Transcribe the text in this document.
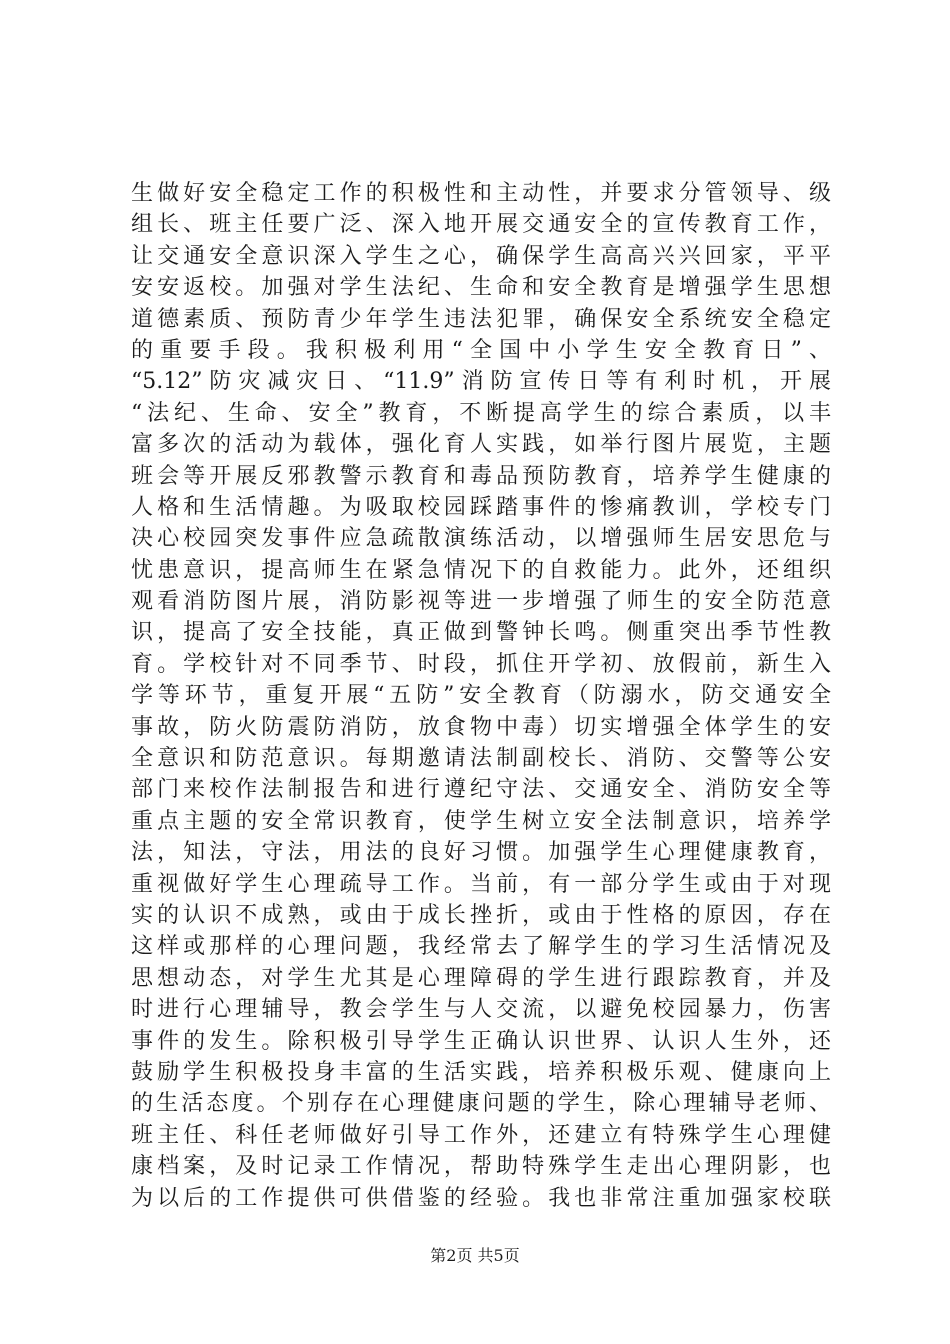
生做好安全稳定工作的积极性和主动性，并要求分管领导、级
组长、班主任要广泛、深入地开展交通安全的宣传教育工作，
让交通安全意识深入学生之心，确保学生高高兴兴回家，平平
安安返校。加强对学生法纪、生命和安全教育是增强学生思想
道德素质、预防青少年学生违法犯罪，确保安全系统安全稳定
的重要手段。我积极利用“全国中小学生安全教育日”、
“5.12”防灾减灾日、“11.9”消防宣传日等有利时机，开展
“法纪、生命、安全”教育，不断提高学生的综合素质，以丰
富多次的活动为载体，强化育人实践，如举行图片展览，主题
班会等开展反邪教警示教育和毒品预防教育，培养学生健康的
人格和生活情趣。为吸取校园踩踏事件的惨痛教训，学校专门
决心校园突发事件应急疏散演练活动，以增强师生居安思危与
忧患意识，提高师生在紧急情况下的自救能力。此外，还组织
观看消防图片展，消防影视等进一步增强了师生的安全防范意
识，提高了安全技能，真正做到警钟长鸣。侧重突出季节性教
育。学校针对不同季节、时段，抓住开学初、放假前，新生入
学等环节，重复开展“五防”安全教育（防溺水，防交通安全
事故，防火防震防消防，放食物中毒）切实增强全体学生的安
全意识和防范意识。每期邀请法制副校长、消防、交警等公安
部门来校作法制报告和进行遵纪守法、交通安全、消防安全等
重点主题的安全常识教育，使学生树立安全法制意识，培养学
法，知法，守法，用法的良好习惯。加强学生心理健康教育，
重视做好学生心理疏导工作。当前，有一部分学生或由于对现
实的认识不成熟，或由于成长挫折，或由于性格的原因，存在
这样或那样的心理问题，我经常去了解学生的学习生活情况及
思想动态，对学生尤其是心理障碍的学生进行跟踪教育，并及
时进行心理辅导，教会学生与人交流，以避免校园暴力，伤害
事件的发生。除积极引导学生正确认识世界、认识人生外，还
鼓励学生积极投身丰富的生活实践，培养积极乐观、健康向上
的生活态度。个别存在心理健康问题的学生，除心理辅导老师、
班主任、科任老师做好引导工作外，还建立有特殊学生心理健
康档案，及时记录工作情况，帮助特殊学生走出心理阴影，也
为以后的工作提供可供借鉴的经验。我也非常注重加强家校联
第2页 共5页
